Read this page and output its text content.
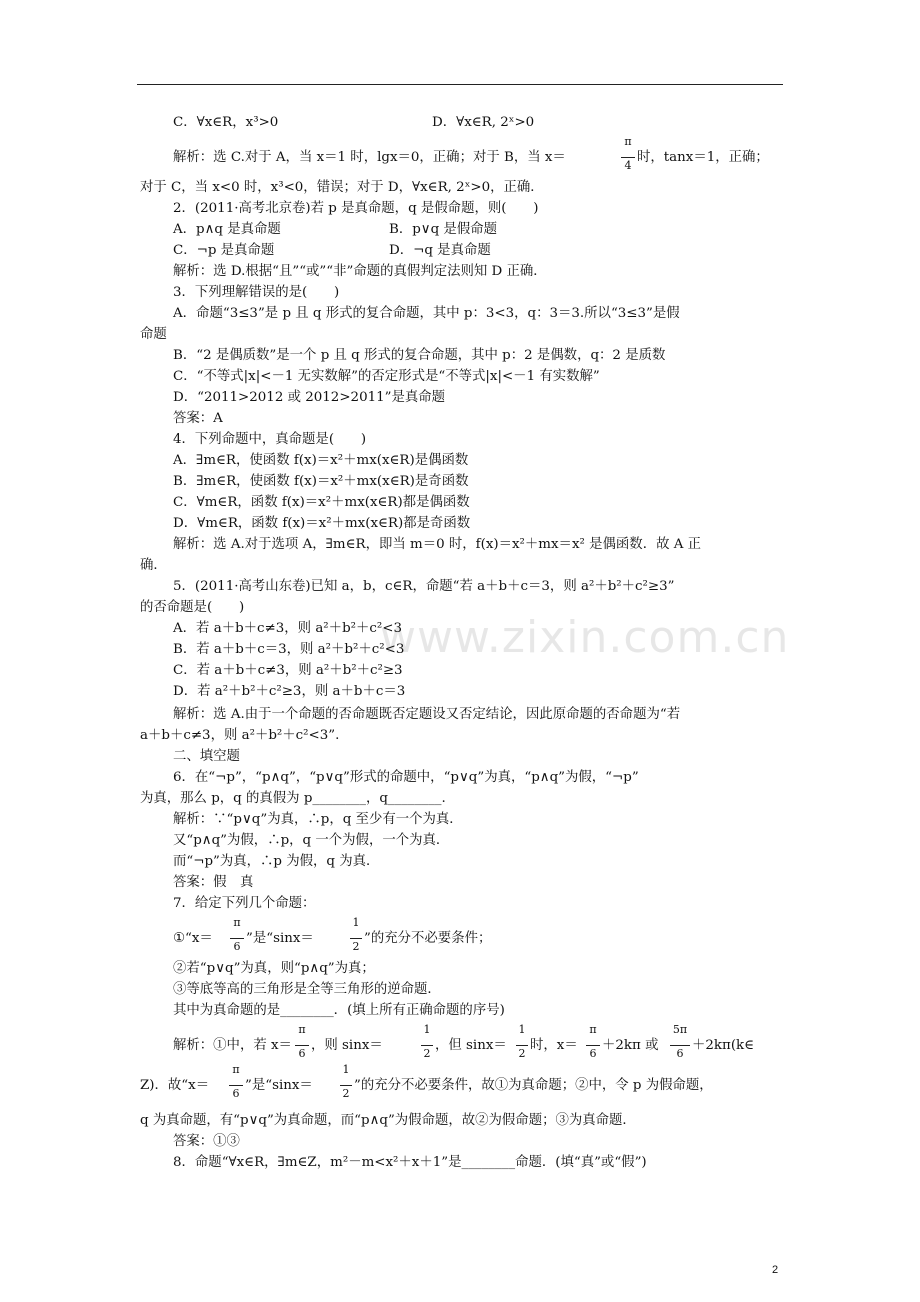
www.zixin.com.cn
C．∀x∈R，x³>0	D．∀x∈R, 2ˣ>0
解析：选 C.对于 A，当 x＝1 时，lgx＝0，正确；对于 B，当 x＝
π
4
时，tanx＝1，正确；
对于 C，当 x<0 时，x³<0，错误；对于 D，∀x∈R, 2ˣ>0，正确．
2．(2011·高考北京卷)若 p 是真命题，q 是假命题，则(　　)
A．p∧q 是真命题	B．p∨q 是假命题
C．¬p 是真命题	D．¬q 是真命题
解析：选 D.根据“且”“或”“非”命题的真假判定法则知 D 正确．
3．下列理解错误的是(　　)
A．命题“3≤3”是 p 且 q 形式的复合命题，其中 p：3<3，q：3＝3.所以“3≤3”是假
命题
B．“2 是偶质数”是一个 p 且 q 形式的复合命题，其中 p：2 是偶数，q：2 是质数
C．“不等式|x|<－1 无实数解”的否定形式是“不等式|x|<－1 有实数解”
D．“2011>2012 或 2012>2011”是真命题
答案：A
4．下列命题中，真命题是(　　)
A．∃m∈R，使函数 f(x)＝x²＋mx(x∈R)是偶函数
B．∃m∈R，使函数 f(x)＝x²＋mx(x∈R)是奇函数
C．∀m∈R，函数 f(x)＝x²＋mx(x∈R)都是偶函数
D．∀m∈R，函数 f(x)＝x²＋mx(x∈R)都是奇函数
解析：选 A.对于选项 A，∃m∈R，即当 m＝0 时，f(x)＝x²＋mx＝x² 是偶函数．故 A 正
确．
5．(2011·高考山东卷)已知 a，b，c∈R，命题“若 a＋b＋c＝3，则 a²＋b²＋c²≥3”
的否命题是(　　)
A．若 a＋b＋c≠3，则 a²＋b²＋c²<3
B．若 a＋b＋c＝3，则 a²＋b²＋c²<3
C．若 a＋b＋c≠3，则 a²＋b²＋c²≥3
D．若 a²＋b²＋c²≥3，则 a＋b＋c＝3
解析：选 A.由于一个命题的否命题既否定题设又否定结论，因此原命题的否命题为“若
a＋b＋c≠3，则 a²＋b²＋c²<3”.
二、填空题
6．在“¬p”，“p∧q”，“p∨q”形式的命题中，“p∨q”为真，“p∧q”为假，“¬p”
为真，那么 p，q 的真假为 p________，q________.
解析：∵“p∨q”为真，∴p，q 至少有一个为真．
又“p∧q”为假，∴p，q 一个为假，一个为真．
而“¬p”为真，∴p 为假，q 为真．
答案：假　真
7．给定下列几个命题：
①“x＝
π
6
”是“sinx＝
1
2
”的充分不必要条件；
②若“p∨q”为真，则“p∧q”为真；
③等底等高的三角形是全等三角形的逆命题．
其中为真命题的是________．(填上所有正确命题的序号)
解析：①中，若 x＝
π
6
，则 sinx＝
1
2
，但 sinx＝
1
2
时，x＝
π
6
＋2kπ 或
5π
6
＋2kπ(k∈
Z)．故“x＝
π
6
”是“sinx＝
1
2
”的充分不必要条件，故①为真命题；②中，令 p 为假命题，
q 为真命题，有“p∨q”为真命题，而“p∧q”为假命题，故②为假命题；③为真命题．
答案：①③
8．命题“∀x∈R，∃m∈Z，m²－m<x²＋x＋1”是________命题．(填“真”或“假”)
2
